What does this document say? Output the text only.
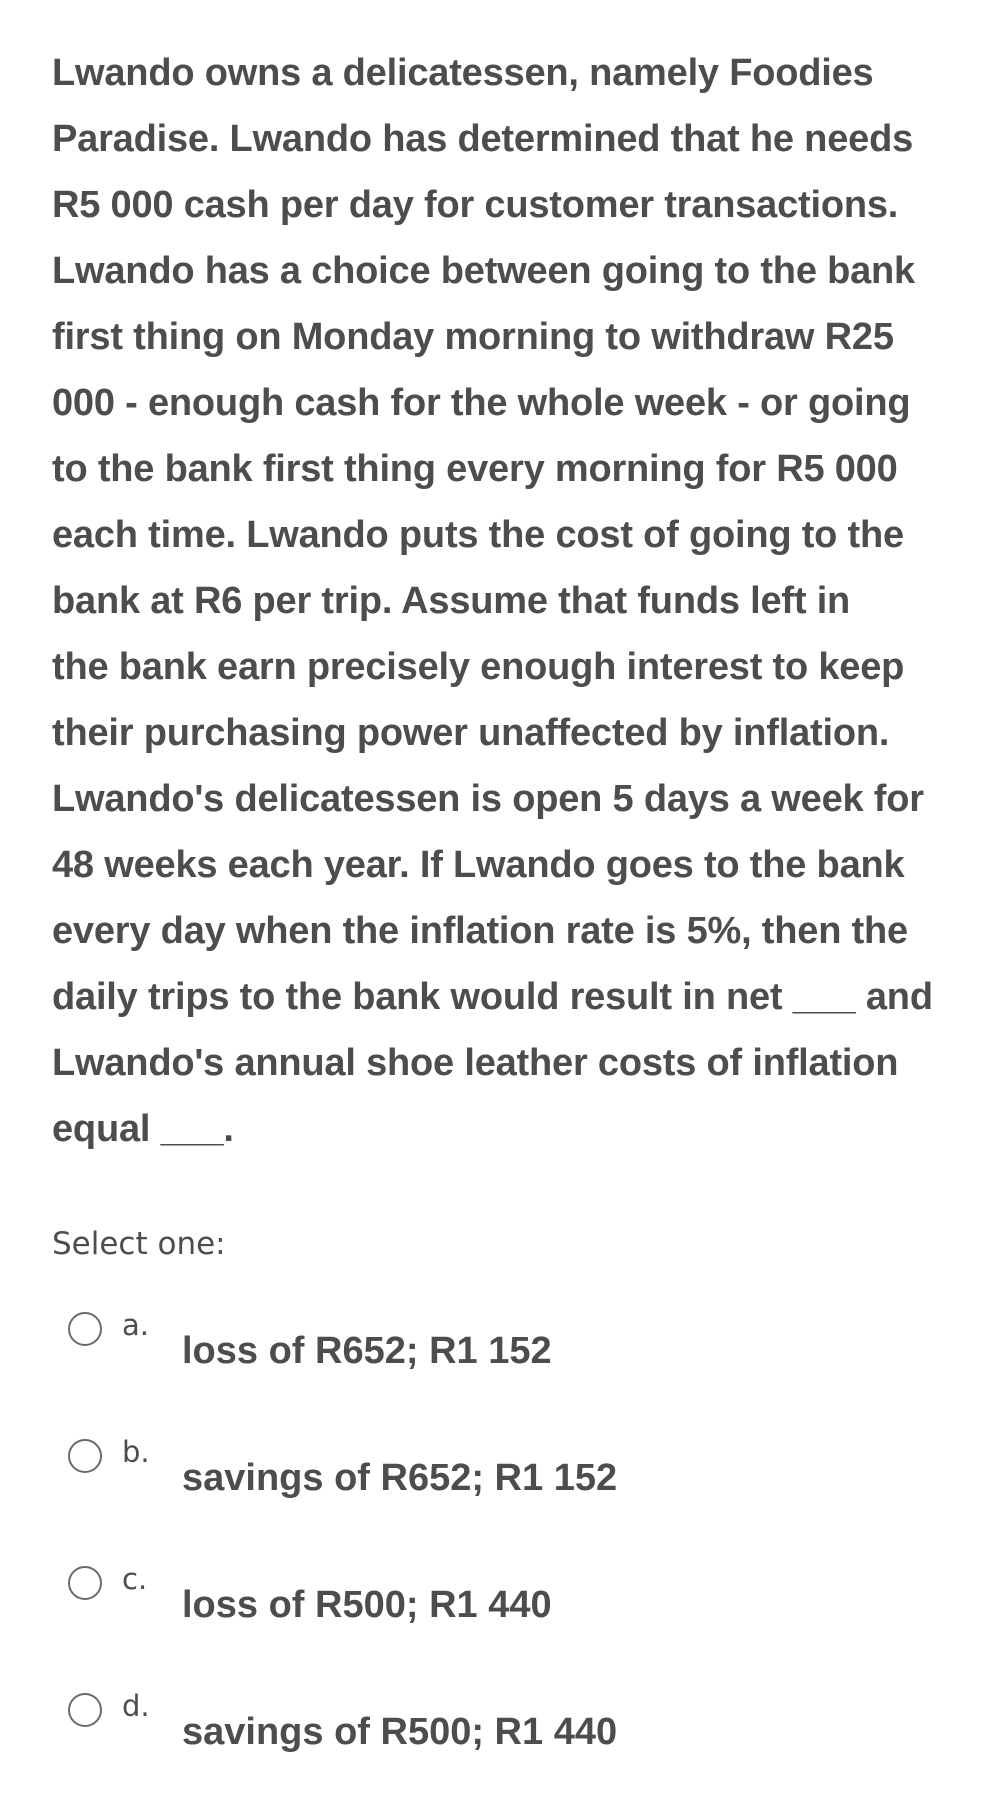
Lwando owns a delicatessen, namely Foodies
Paradise. Lwando has determined that he needs
R5 000 cash per day for customer transactions.
Lwando has a choice between going to the bank
first thing on Monday morning to withdraw R25
000 - enough cash for the whole week - or going
to the bank first thing every morning for R5 000
each time. Lwando puts the cost of going to the
bank at R6 per trip. Assume that funds left in
the bank earn precisely enough interest to keep
their purchasing power unaffected by inflation.
Lwando's delicatessen is open 5 days a week for
48 weeks each year. If Lwando goes to the bank
every day when the inflation rate is 5%, then the
daily trips to the bank would result in net ___ and
Lwando's annual shoe leather costs of inflation
equal ___.
Select one:
a.
loss of R652; R1 152
b.
savings of R652; R1 152
c.
loss of R500; R1 440
d.
savings of R500; R1 440
